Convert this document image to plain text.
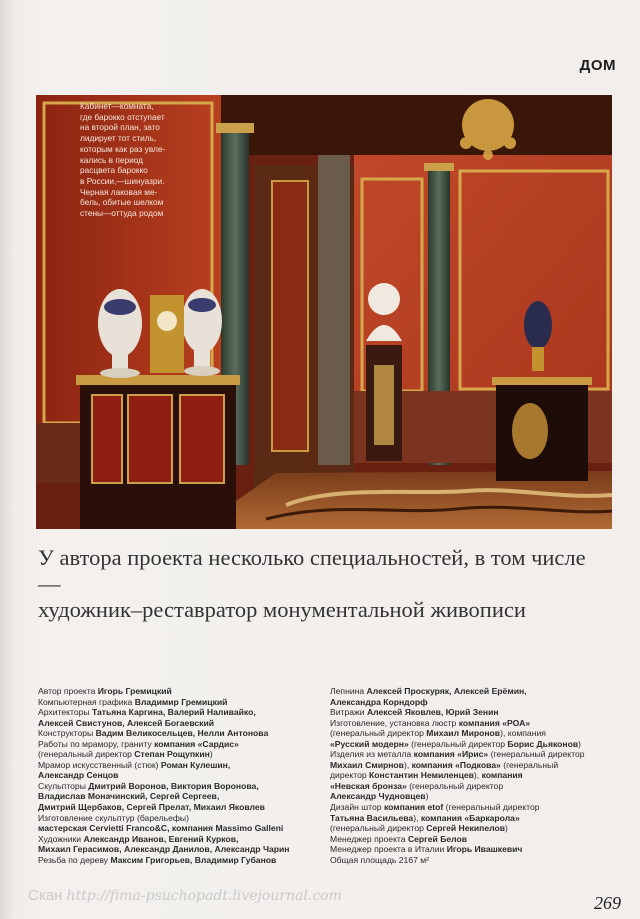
ДОМ
Кабинет—комната,
где барокко отступает
на второй план, зато
лидирует тот стиль,
которым как раз увле-
кались в период
расцвета барокко
в России,—шинуазри.
Черная лаковая ме-
бель, обитые шелком
стены—оттуда родом
У автора проекта несколько специальностей, в том числе—
художник–реставратор монументальной живописи
Автор проекта Игорь Гремицкий
Компьютерная графика Владимир Гремицкий
Архитекторы Татьяна Каргина, Валерий Наливайко,
Алексей Свистунов, Алексей Богаевский
Конструкторы Вадим Великосельцев, Нелли Антонова
Работы по мрамору, граниту компания «Сардис»
(генеральный директор Степан Рощупкин)
Мрамор искусственный (стюк) Роман Кулешин,
Александр Сенцов
Скульпторы Дмитрий Воронов, Виктория Воронова,
Владислав Моначинский, Сергей Сергеев,
Дмитрий Щербаков, Сергей Прелат, Михаил Яковлев
Изготовление скульптур (барельефы)
мастерская Cervietti Franco&C, компания Massimo Galleni
Художники Александр Иванов, Евгений Курков,
Михаил Герасимов, Александр Данилов, Александр Чарин
Резьба по дереву Максим Григорьев, Владимир Губанов
Лепнина Алексей Проскуряк, Алексей Ерёмин,
Александра Корндорф
Витражи Алексей Яковлев, Юрий Зенин
Изготовление, установка люстр компания «РОА»
(генеральный директор Михаил Миронов), компания
«Русский модерн» (генеральный директор Борис Дьяконов)
Изделия из металла компания «Ирис» (генеральный директор
Михаил Смирнов), компания «Подкова» (генеральный
директор Константин Немиленцев), компания
«Невская бронза» (генеральный директор
Александр Чудновцев)
Дизайн штор компания etof (генеральный директор
Татьяна Васильева), компания «Баркарола»
(генеральный директор Сергей Некипелов)
Менеджер проекта Сергей Белов
Менеджер проекта в Италии Игорь Ивашкевич
Общая площадь 2167 м²
Скан http://fima-psuchopadt.livejournal.com	269
